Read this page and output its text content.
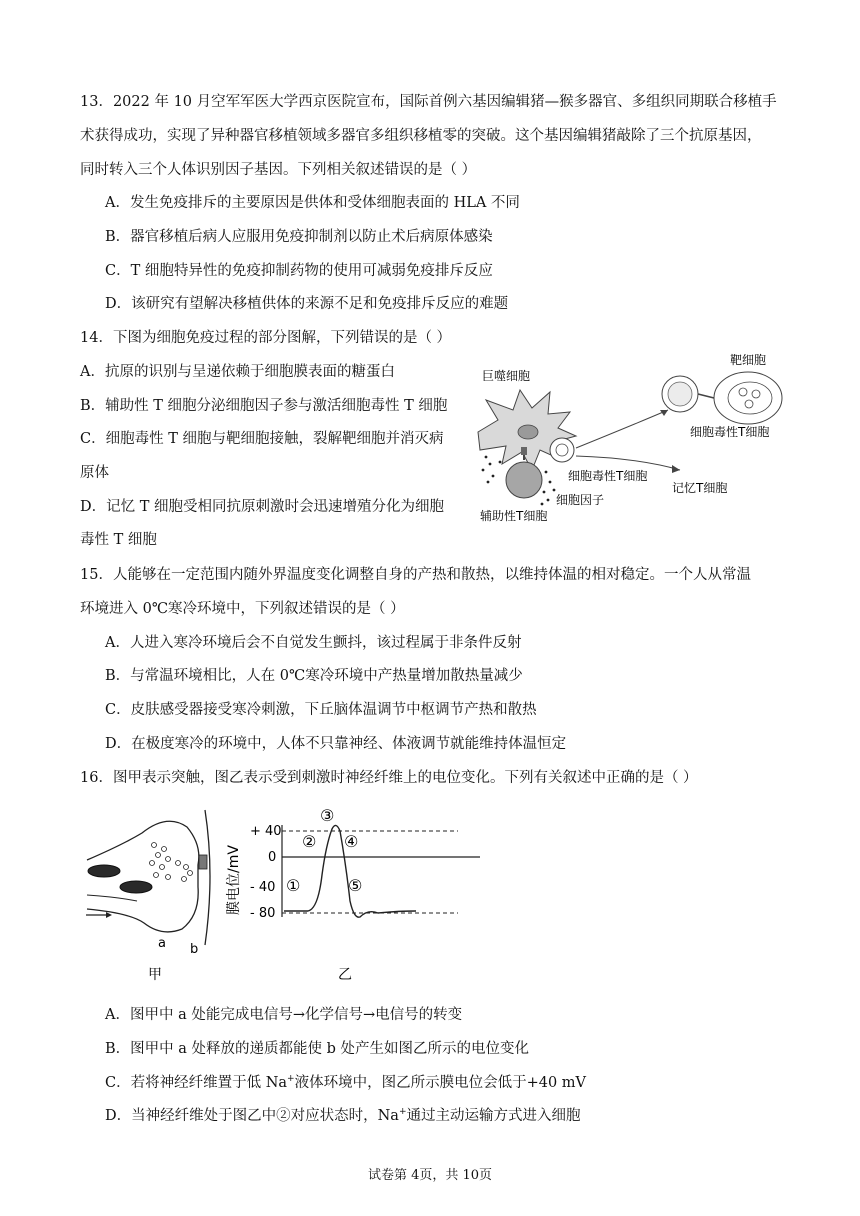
13．2022 年 10 月空军军医大学西京医院宣布，国际首例六基因编辑猪—猴多器官、多组织同期联合移植手
术获得成功，实现了异种器官移植领域多器官多组织移植零的突破。这个基因编辑猪敲除了三个抗原基因，
同时转入三个人体识别因子基因。下列相关叙述错误的是（ ）
A．发生免疫排斥的主要原因是供体和受体细胞表面的 HLA 不同
B．器官移植后病人应服用免疫抑制剂以防止术后病原体感染
C．T 细胞特异性的免疫抑制药物的使用可减弱免疫排斥反应
D．该研究有望解决移植供体的来源不足和免疫排斥反应的难题
14．下图为细胞免疫过程的部分图解，下列错误的是（ ）
A．抗原的识别与呈递依赖于细胞膜表面的糖蛋白
B．辅助性 T 细胞分泌细胞因子参与激活细胞毒性 T 细胞
C．细胞毒性 T 细胞与靶细胞接触，裂解靶细胞并消灭病
原体
D．记忆 T 细胞受相同抗原刺激时会迅速增殖分化为细胞
毒性 T 细胞
巨噬细胞
靶细胞
细胞毒性T细胞
细胞毒性T细胞
记忆T细胞
细胞因子
辅助性T细胞
15．人能够在一定范围内随外界温度变化调整自身的产热和散热，以维持体温的相对稳定。一个人从常温
环境进入 0℃寒冷环境中，下列叙述错误的是（ ）
A．人进入寒冷环境后会不自觉发生颤抖，该过程属于非条件反射
B．与常温环境相比，人在 0℃寒冷环境中产热量增加散热量减少
C．皮肤感受器接受寒冷刺激，下丘脑体温调节中枢调节产热和散热
D．在极度寒冷的环境中，人体不只靠神经、体液调节就能维持体温恒定
16．图甲表示突触，图乙表示受到刺激时神经纤维上的电位变化。下列有关叙述中正确的是（ ）
a b
甲
膜电位/mV
+ 40
0
- 40
- 80
①
②
③
④
⑤
乙
A．图甲中 a 处能完成电信号→化学信号→电信号的转变
B．图甲中 a 处释放的递质都能使 b 处产生如图乙所示的电位变化
C．若将神经纤维置于低 Na+液体环境中，图乙所示膜电位会低于+40 mV
D．当神经纤维处于图乙中②对应状态时，Na+通过主动运输方式进入细胞
试卷第 4页，共 10页
